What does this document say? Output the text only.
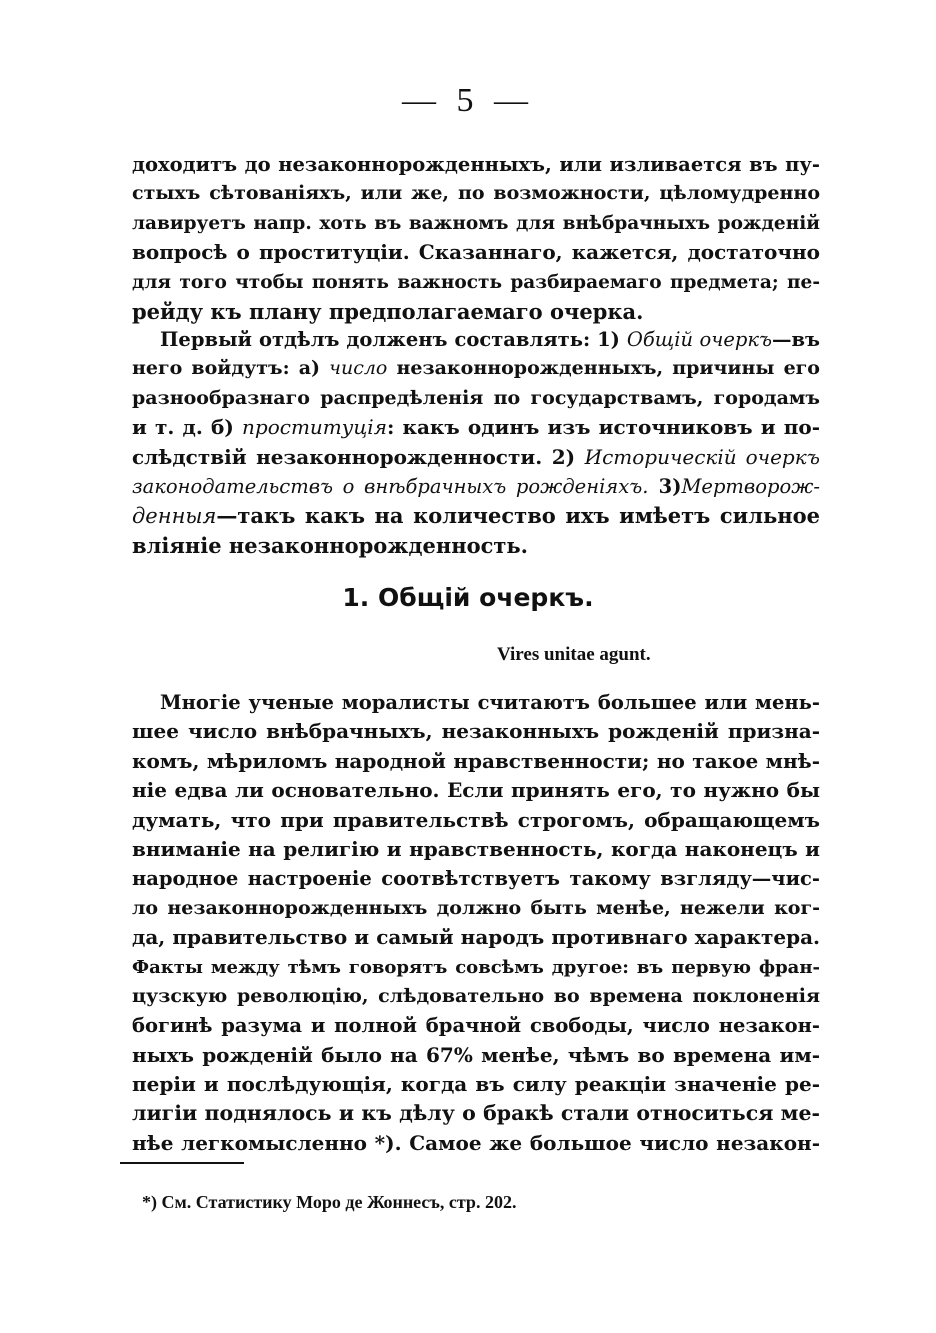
— 5 —
доходитъ до незаконнорожденныхъ, или изливается въ пу-
стыхъ сѣтованіяхъ, или же, по возможности, цѣломудренно
лавируетъ напр. хоть въ важномъ для внѣбрачныхъ рожденій
вопросѣ о проституціи. Сказаннаго, кажется, достаточно
для того чтобы понять важность разбираемаго предмета; пе-
рейду къ плану предполагаемаго очерка.
Первый отдѣлъ долженъ составлять: 1) Общій очеркъ—въ
него войдутъ: а) число незаконнорожденныхъ, причины его
разнообразнаго распредѣленія по государствамъ, городамъ
и т. д. б) проституція: какъ одинъ изъ источниковъ и по-
слѣдствій незаконнорожденности. 2) Историческій очеркъ
законодательствъ о внѣбрачныхъ рожденіяхъ. 3)Мертворож-
денныя—такъ какъ на количество ихъ имѣетъ сильное
вліяніе незаконнорожденность.
1. Общій очеркъ.
Vires unitae agunt.
Многіе ученые моралисты считаютъ большее или мень-
шее число внѣбрачныхъ, незаконныхъ рожденій призна-
комъ, мѣриломъ народной нравственности; но такое мнѣ-
ніе едва ли основательно. Если принять его, то нужно бы
думать, что при правительствѣ строгомъ, обращающемъ
вниманіе на религію и нравственность, когда наконецъ и
народное настроеніе соотвѣтствуетъ такому взгляду—чис-
ло незаконнорожденныхъ должно быть менѣе, нежели ког-
да, правительство и самый народъ противнаго характера.
Факты между тѣмъ говорятъ совсѣмъ другое: въ первую фран-
цузскую революцію, слѣдовательно во времена поклоненія
богинѣ разума и полной брачной свободы, число незакон-
ныхъ рожденій было на 67% менѣе, чѣмъ во времена им-
періи и послѣдующія, когда въ силу реакціи значеніе ре-
лигіи поднялось и къ дѣлу о бракѣ стали относиться ме-
нѣе легкомысленно *). Самое же большое число незакон-
*) См. Статистику Моро де Жоннесъ, стр. 202.
